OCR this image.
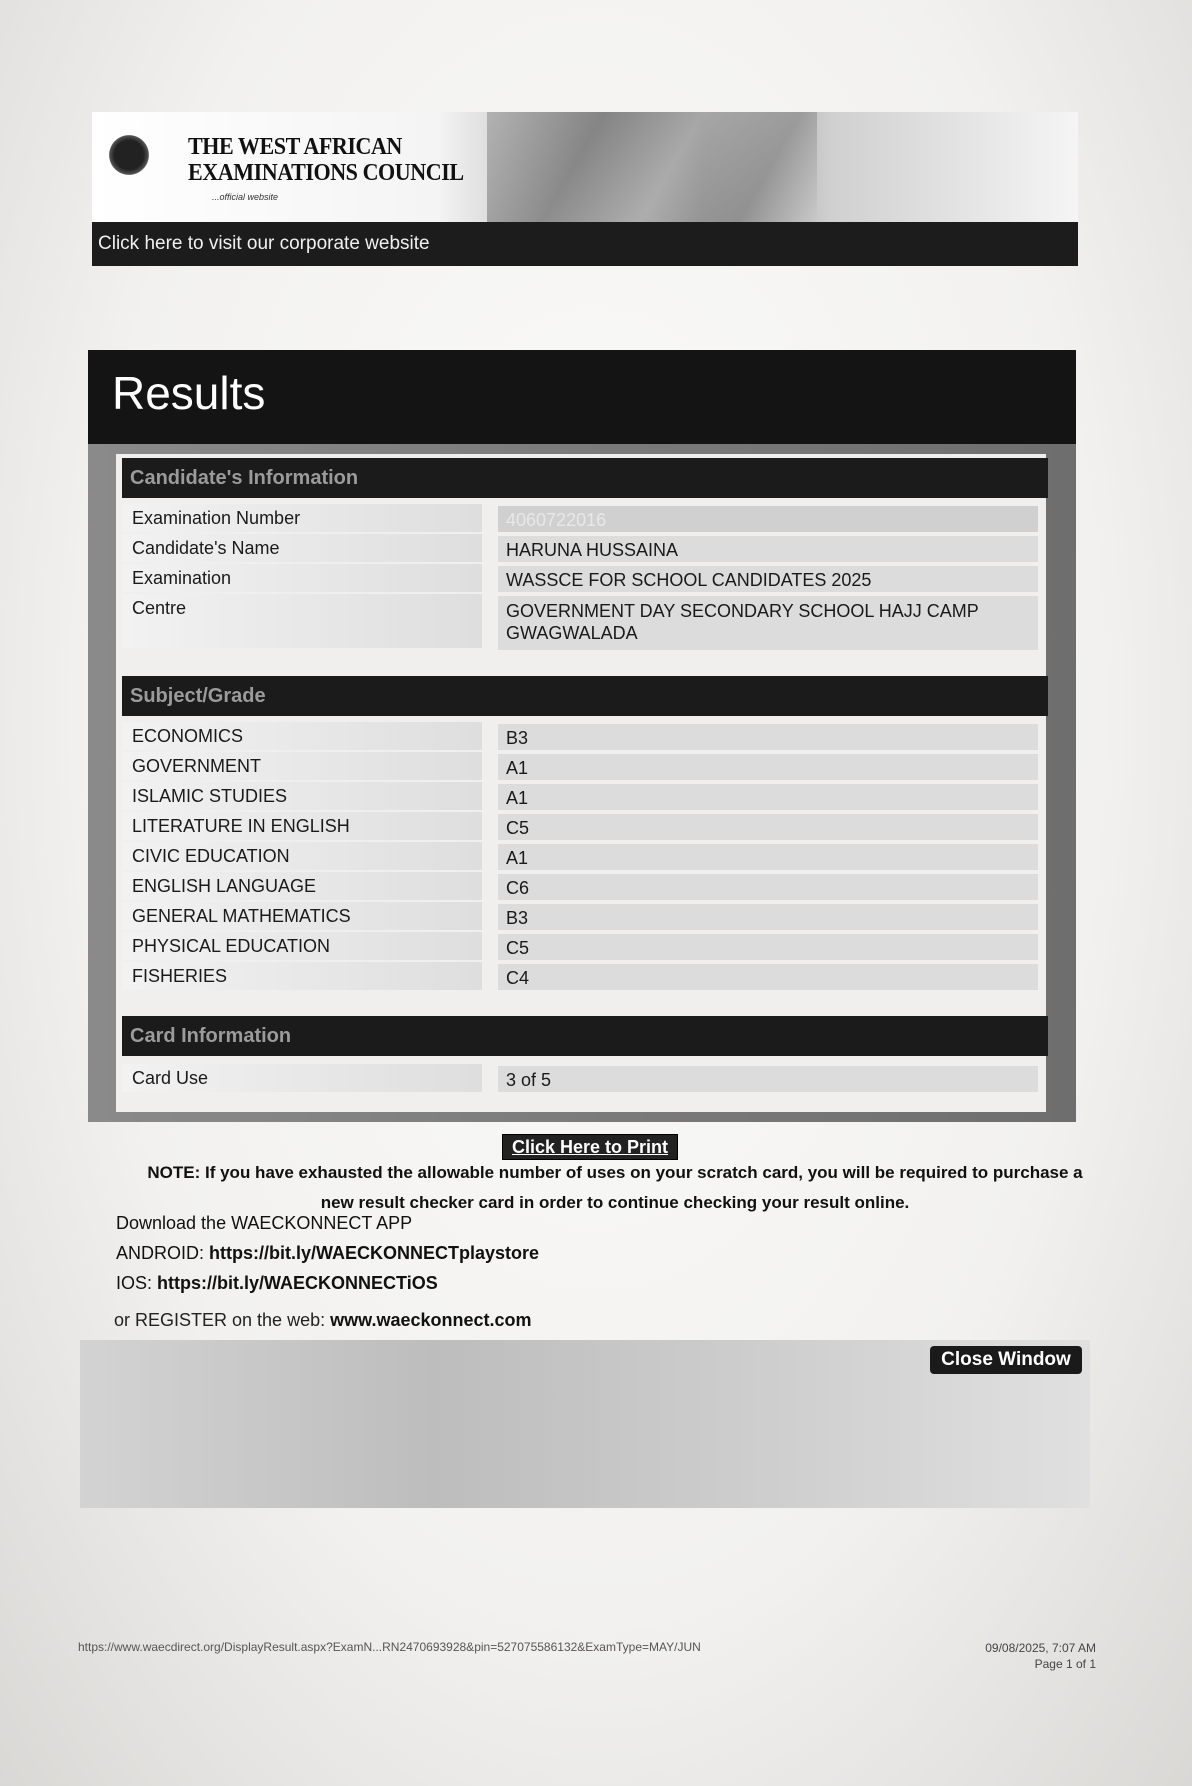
THE WEST AFRICAN
EXAMINATIONS COUNCIL
...official website
Click here to visit our corporate website
Results
Candidate's Information
Examination Number	4060722016
Candidate's Name	HARUNA HUSSAINA
Examination	WASSCE FOR SCHOOL CANDIDATES 2025
Centre	GOVERNMENT DAY SECONDARY SCHOOL HAJJ CAMP GWAGWALADA
Subject/Grade
ECONOMICS	B3
GOVERNMENT	A1
ISLAMIC STUDIES	A1
LITERATURE IN ENGLISH	C5
CIVIC EDUCATION	A1
ENGLISH LANGUAGE	C6
GENERAL MATHEMATICS	B3
PHYSICAL EDUCATION	C5
FISHERIES	C4
Card Information
Card Use	3 of 5
Click Here to Print
NOTE: If you have exhausted the allowable number of uses on your scratch card, you will be required to purchase a new result checker card in order to continue checking your result online.
Download the WAECKONNECT APP
ANDROID: https://bit.ly/WAECKONNECTplaystore
IOS: https://bit.ly/WAECKONNECTiOS
or REGISTER on the web: www.waeckonnect.com
Close Window
https://www.waecdirect.org/DisplayResult.aspx?ExamN...RN2470693928&pin=527075586132&ExamType=MAY/JUN	09/08/2025, 7:07 AM
Page 1 of 1
